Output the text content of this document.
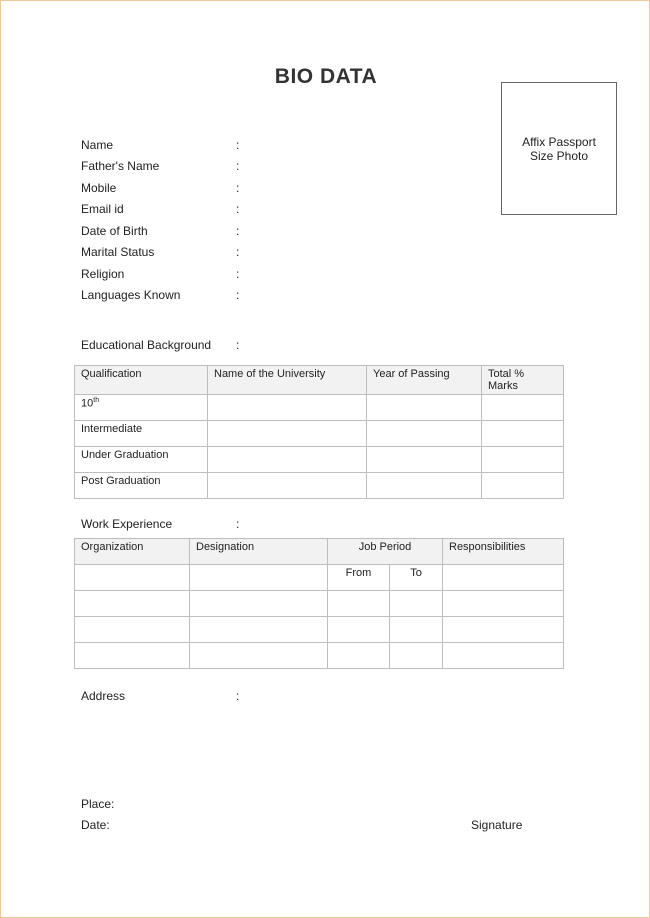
BIO DATA
Affix Passport
Size Photo
Name	:
Father's Name	:
Mobile	:
Email id	:
Date of Birth	:
Marital Status	:
Religion	:
Languages Known	:
Educational Background :
Qualification	Name of the University	Year of Passing	Total % Marks
10th			
Intermediate			
Under Graduation			
Post Graduation			
Work Experience	:
Organization	Designation	Job Period		Responsibilities
		From	To	

Address	:
Place:
Date:	Signature
